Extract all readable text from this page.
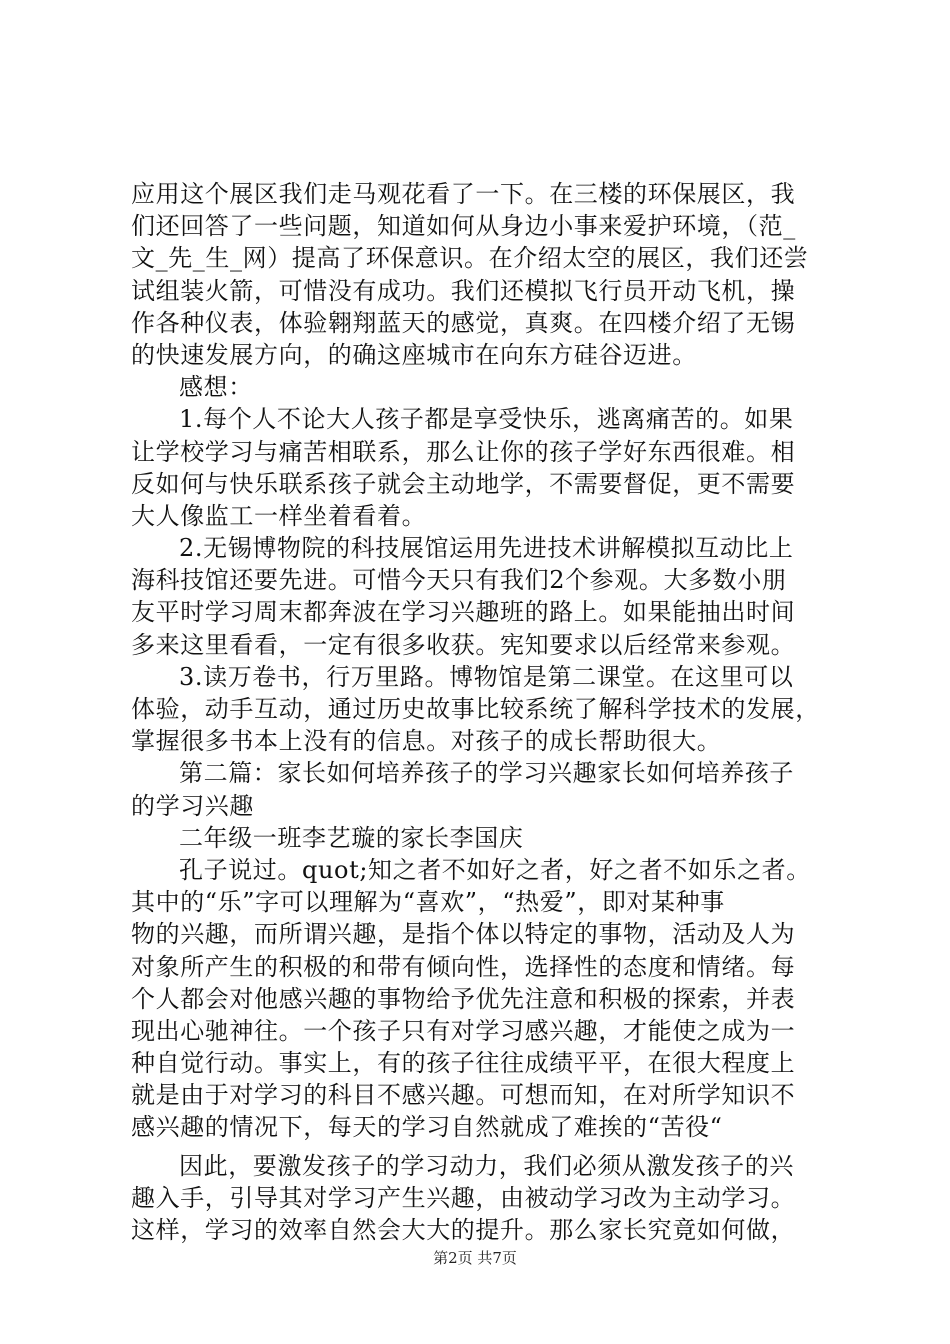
应用这个展区我们走马观花看了一下。在三楼的环保展区，我
们还回答了一些问题，知道如何从身边小事来爱护环境，（范_
文_先_生_网）提高了环保意识。在介绍太空的展区，我们还尝
试组装火箭，可惜没有成功。我们还模拟飞行员开动飞机，操
作各种仪表，体验翱翔蓝天的感觉，真爽。在四楼介绍了无锡
的快速发展方向，的确这座城市在向东方硅谷迈进。
感想：
1.每个人不论大人孩子都是享受快乐，逃离痛苦的。如果
让学校学习与痛苦相联系，那么让你的孩子学好东西很难。相
反如何与快乐联系孩子就会主动地学，不需要督促，更不需要
大人像监工一样坐着看着。
2.无锡博物院的科技展馆运用先进技术讲解模拟互动比上
海科技馆还要先进。可惜今天只有我们2个参观。大多数小朋
友平时学习周末都奔波在学习兴趣班的路上。如果能抽出时间
多来这里看看，一定有很多收获。宪知要求以后经常来参观。
3.读万卷书，行万里路。博物馆是第二课堂。在这里可以
体验，动手互动，通过历史故事比较系统了解科学技术的发展，
掌握很多书本上没有的信息。对孩子的成长帮助很大。
第二篇：家长如何培养孩子的学习兴趣家长如何培养孩子
的学习兴趣
二年级一班李艺璇的家长李国庆
孔子说过。quot;知之者不如好之者，好之者不如乐之者。
其中的“乐”字可以理解为“喜欢”，“热爱”，即对某种事
物的兴趣，而所谓兴趣，是指个体以特定的事物，活动及人为
对象所产生的积极的和带有倾向性，选择性的态度和情绪。每
个人都会对他感兴趣的事物给予优先注意和积极的探索，并表
现出心驰神往。一个孩子只有对学习感兴趣，才能使之成为一
种自觉行动。事实上，有的孩子往往成绩平平，在很大程度上
就是由于对学习的科目不感兴趣。可想而知，在对所学知识不
感兴趣的情况下，每天的学习自然就成了难挨的“苦役“
因此，要激发孩子的学习动力，我们必须从激发孩子的兴
趣入手，引导其对学习产生兴趣，由被动学习改为主动学习。
这样，学习的效率自然会大大的提升。那么家长究竟如何做，
第2页 共7页
